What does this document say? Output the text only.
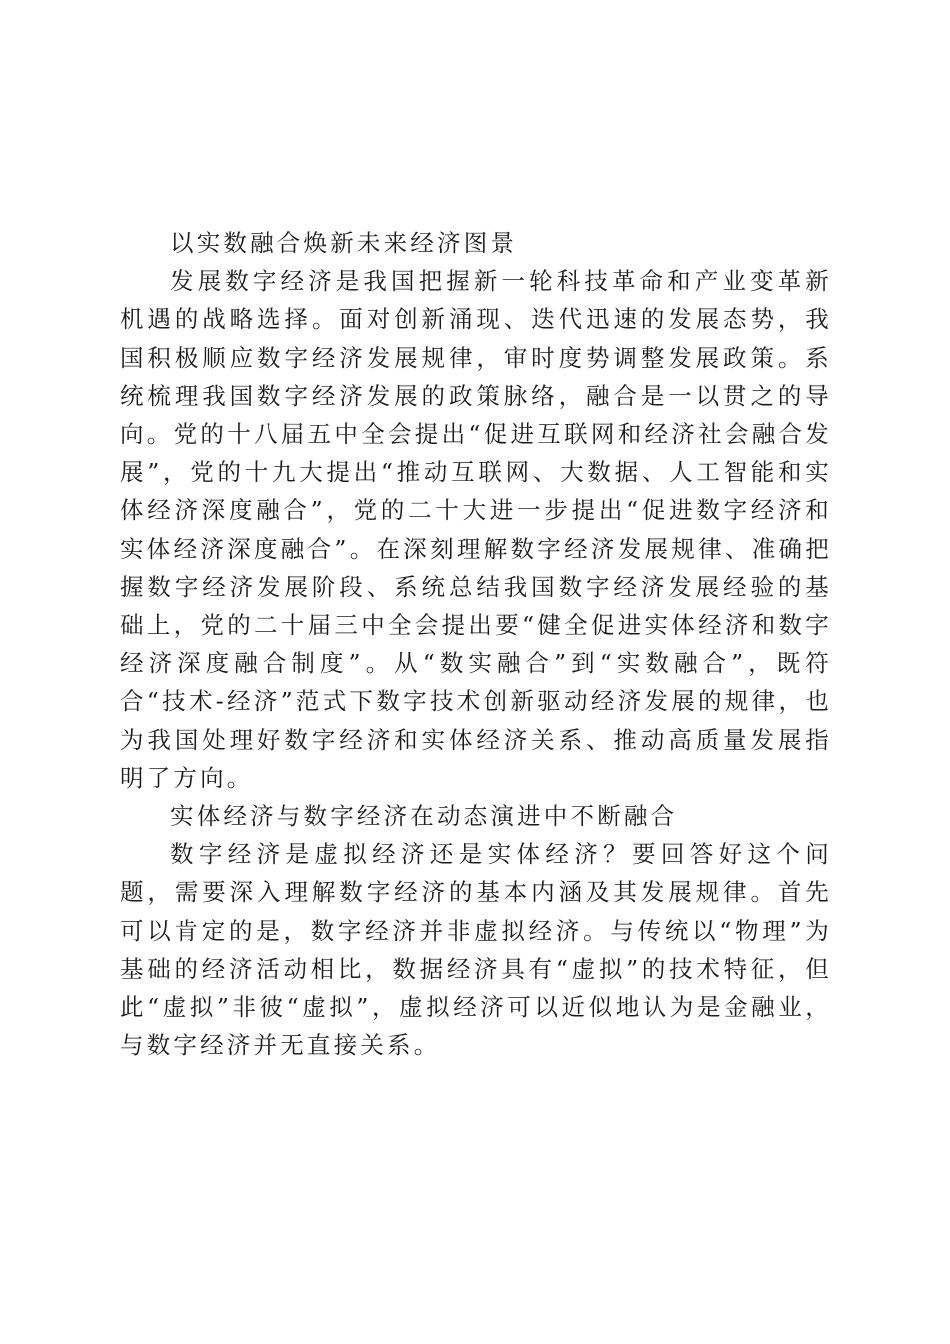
以实数融合焕新未来经济图景

发展数字经济是我国把握新一轮科技革命和产业变革新机遇的战略选择。面对创新涌现、迭代迅速的发展态势，我国积极顺应数字经济发展规律，审时度势调整发展政策。系统梳理我国数字经济发展的政策脉络，融合是一以贯之的导向。党的十八届五中全会提出“促进互联网和经济社会融合发展”，党的十九大提出“推动互联网、大数据、人工智能和实体经济深度融合”，党的二十大进一步提出“促进数字经济和实体经济深度融合”。在深刻理解数字经济发展规律、准确把握数字经济发展阶段、系统总结我国数字经济发展经验的基础上，党的二十届三中全会提出要“健全促进实体经济和数字经济深度融合制度”。从“数实融合”到“实数融合”，既符合“技术-经济”范式下数字技术创新驱动经济发展的规律，也为我国处理好数字经济和实体经济关系、推动高质量发展指明了方向。

实体经济与数字经济在动态演进中不断融合

数字经济是虚拟经济还是实体经济？要回答好这个问题，需要深入理解数字经济的基本内涵及其发展规律。首先可以肯定的是，数字经济并非虚拟经济。与传统以“物理”为基础的经济活动相比，数据经济具有“虚拟”的技术特征，但此“虚拟”非彼“虚拟”，虚拟经济可以近似地认为是金融业，与数字经济并无直接关系。
